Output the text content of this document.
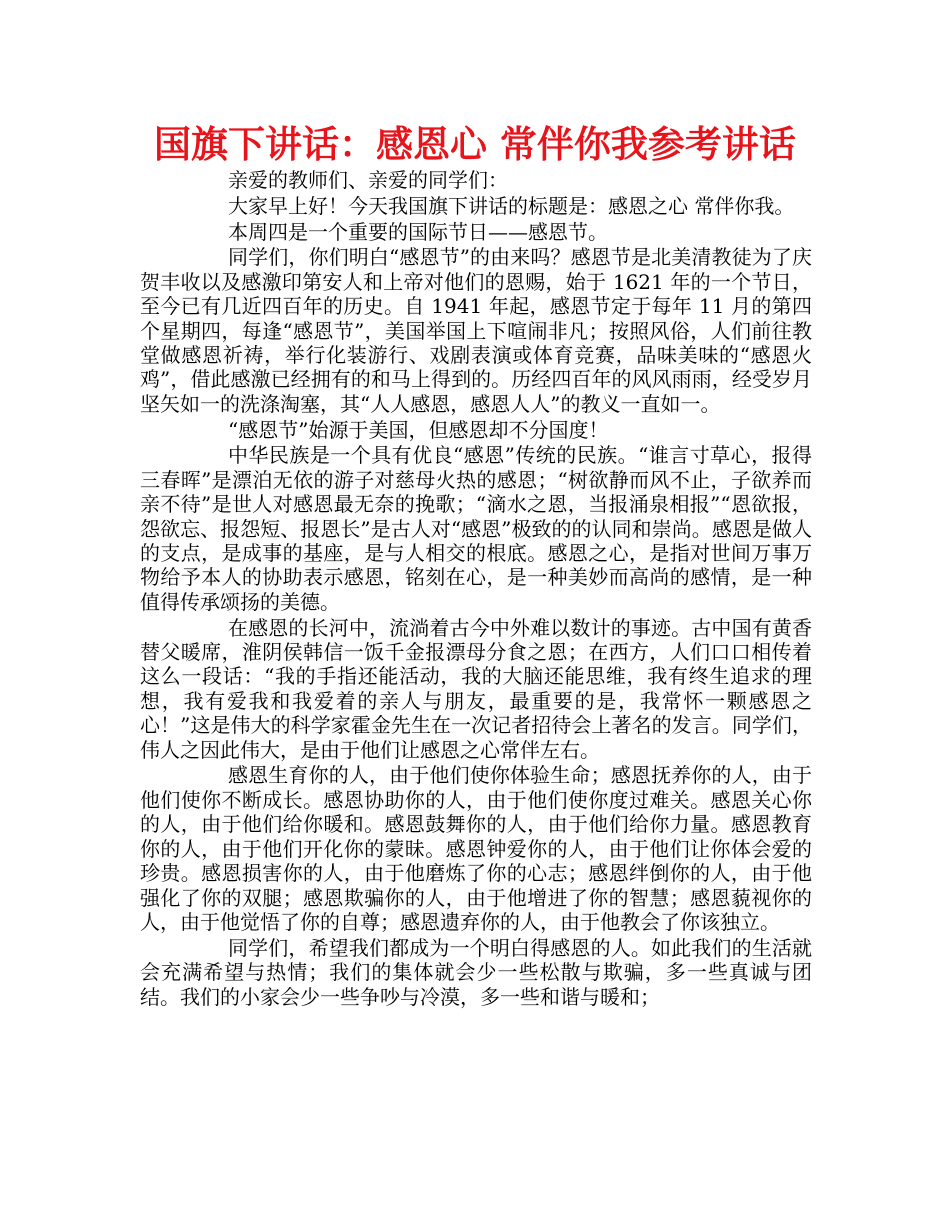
国旗下讲话：感恩心 常伴你我参考讲话

亲爱的教师们、亲爱的同学们：

大家早上好！今天我国旗下讲话的标题是：感恩之心 常伴你我。

本周四是一个重要的国际节日——感恩节。

同学们，你们明白“感恩节”的由来吗？感恩节是北美清教徒为了庆贺丰收以及感激印第安人和上帝对他们的恩赐，始于 1621 年的一个节日，至今已有几近四百年的历史。自 1941 年起，感恩节定于每年 11 月的第四个星期四，每逢“感恩节”，美国举国上下喧闹非凡；按照风俗，人们前往教堂做感恩祈祷，举行化装游行、戏剧表演或体育竞赛，品味美味的“感恩火鸡”，借此感激已经拥有的和马上得到的。历经四百年的风风雨雨，经受岁月坚矢如一的洗涤淘塞，其“人人感恩，感恩人人”的教义一直如一。

“感恩节”始源于美国，但感恩却不分国度！

中华民族是一个具有优良“感恩”传统的民族。“谁言寸草心，报得三春晖”是漂泊无依的游子对慈母火热的感恩；“树欲静而风不止，子欲养而亲不待”是世人对感恩最无奈的挽歌；“滴水之恩，当报涌泉相报”“恩欲报，怨欲忘、报怨短、报恩长”是古人对“感恩”极致的的认同和崇尚。感恩是做人的支点，是成事的基座，是与人相交的根底。感恩之心，是指对世间万事万物给予本人的协助表示感恩，铭刻在心，是一种美妙而高尚的感情，是一种值得传承颂扬的美德。

在感恩的长河中，流淌着古今中外难以数计的事迹。古中国有黄香替父暖席，淮阴侯韩信一饭千金报漂母分食之恩；在西方，人们口口相传着这么一段话：“我的手指还能活动，我的大脑还能思维，我有终生追求的理想，我有爱我和我爱着的亲人与朋友，最重要的是，我常怀一颗感恩之心！”这是伟大的科学家霍金先生在一次记者招待会上著名的发言。同学们，伟人之因此伟大，是由于他们让感恩之心常伴左右。

感恩生育你的人，由于他们使你体验生命；感恩抚养你的人，由于他们使你不断成长。感恩协助你的人，由于他们使你度过难关。感恩关心你的人，由于他们给你暖和。感恩鼓舞你的人，由于他们给你力量。感恩教育你的人，由于他们开化你的蒙昧。感恩钟爱你的人，由于他们让你体会爱的珍贵。感恩损害你的人，由于他磨炼了你的心志；感恩绊倒你的人，由于他强化了你的双腿；感恩欺骗你的人，由于他增进了你的智慧；感恩藐视你的人，由于他觉悟了你的自尊；感恩遗弃你的人，由于他教会了你该独立。

同学们，希望我们都成为一个明白得感恩的人。如此我们的生活就会充满希望与热情；我们的集体就会少一些松散与欺骗，多一些真诚与团结。我们的小家会少一些争吵与冷漠，多一些和谐与暖和；
